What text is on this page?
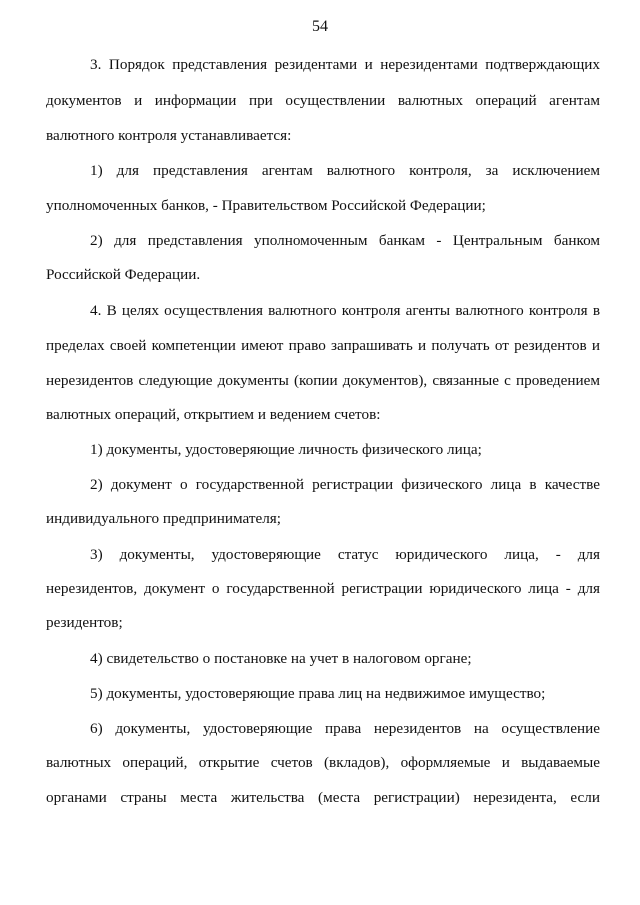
54
3. Порядок представления резидентами и нерезидентами подтверждающих
документов и информации при осуществлении валютных операций агентам
валютного контроля устанавливается:
1) для представления агентам валютного контроля, за исключением
уполномоченных банков, - Правительством Российской Федерации;
2) для представления уполномоченным банкам - Центральным банком
Российской Федерации.
4. В целях осуществления валютного контроля агенты валютного контроля в
пределах своей компетенции имеют право запрашивать и получать от резидентов и
нерезидентов следующие документы (копии документов), связанные с проведением
валютных операций, открытием и ведением счетов:
1) документы, удостоверяющие личность физического лица;
2) документ о государственной регистрации физического лица в качестве
индивидуального предпринимателя;
3) документы, удостоверяющие статус юридического лица, - для
нерезидентов, документ о государственной регистрации юридического лица - для
резидентов;
4) свидетельство о постановке на учет в налоговом органе;
5) документы, удостоверяющие права лиц на недвижимое имущество;
6) документы, удостоверяющие права нерезидентов на осуществление
валютных операций, открытие счетов (вкладов), оформляемые и выдаваемые
органами страны места жительства (места регистрации) нерезидента, если
